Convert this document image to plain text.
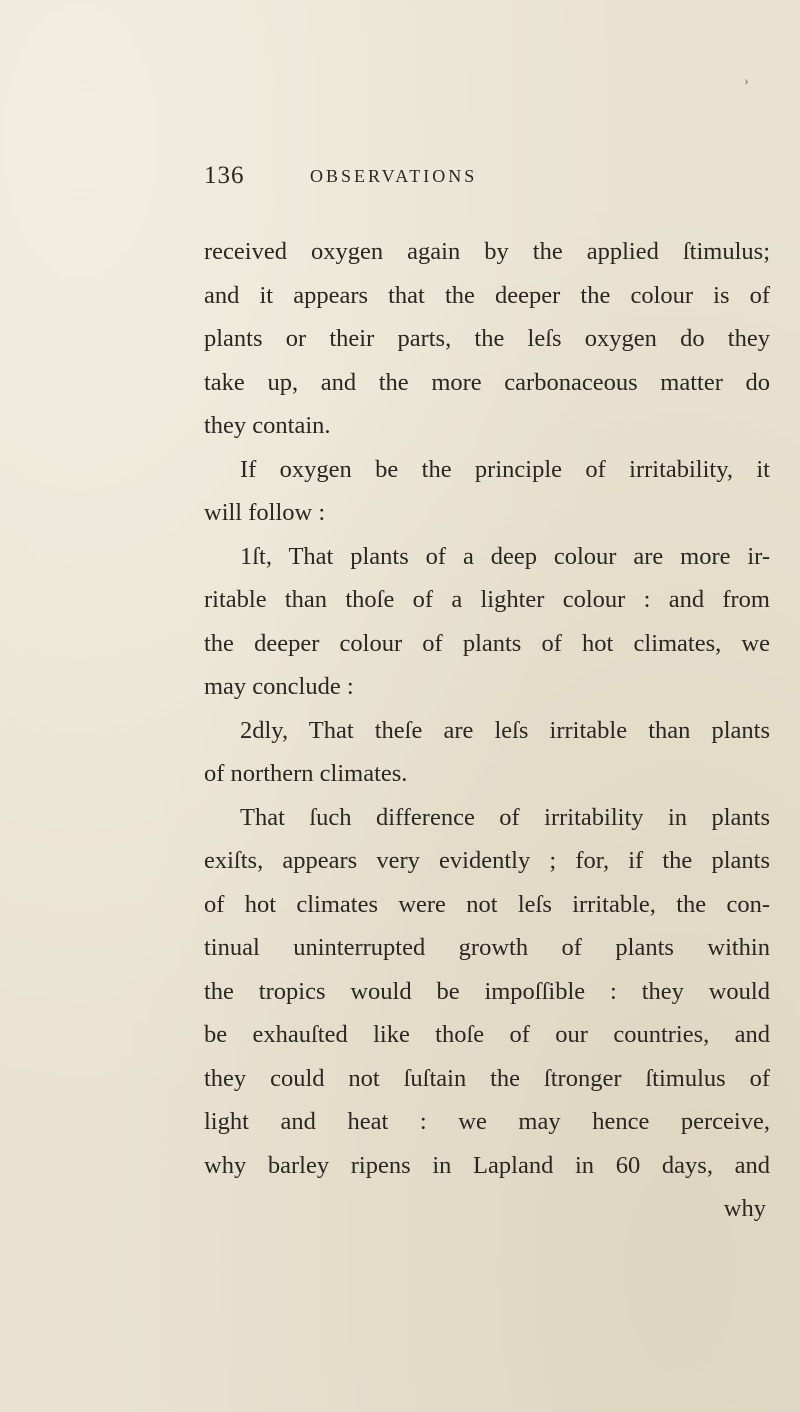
›
136	OBSERVATIONS
received oxygen again by the applied ſtimulus;
and it appears that the deeper the colour is of
plants or their parts, the leſs oxygen do they
take up, and the more carbonaceous matter do
they contain.
If oxygen be the principle of irritability, it
will follow :
1ſt, That plants of a deep colour are more ir-
ritable than thoſe of a lighter colour : and from
the deeper colour of plants of hot climates, we
may conclude :
2dly, That theſe are leſs irritable than plants
of northern climates.
That ſuch difference of irritability in plants
exiſts, appears very evidently ; for, if the plants
of hot climates were not leſs irritable, the con-
tinual uninterrupted growth of plants within
the tropics would be impoſſible : they would
be exhauſted like thoſe of our countries, and
they could not ſuſtain the ſtronger ſtimulus of
light and heat : we may hence perceive,
why barley ripens in Lapland in 60 days, and
why
